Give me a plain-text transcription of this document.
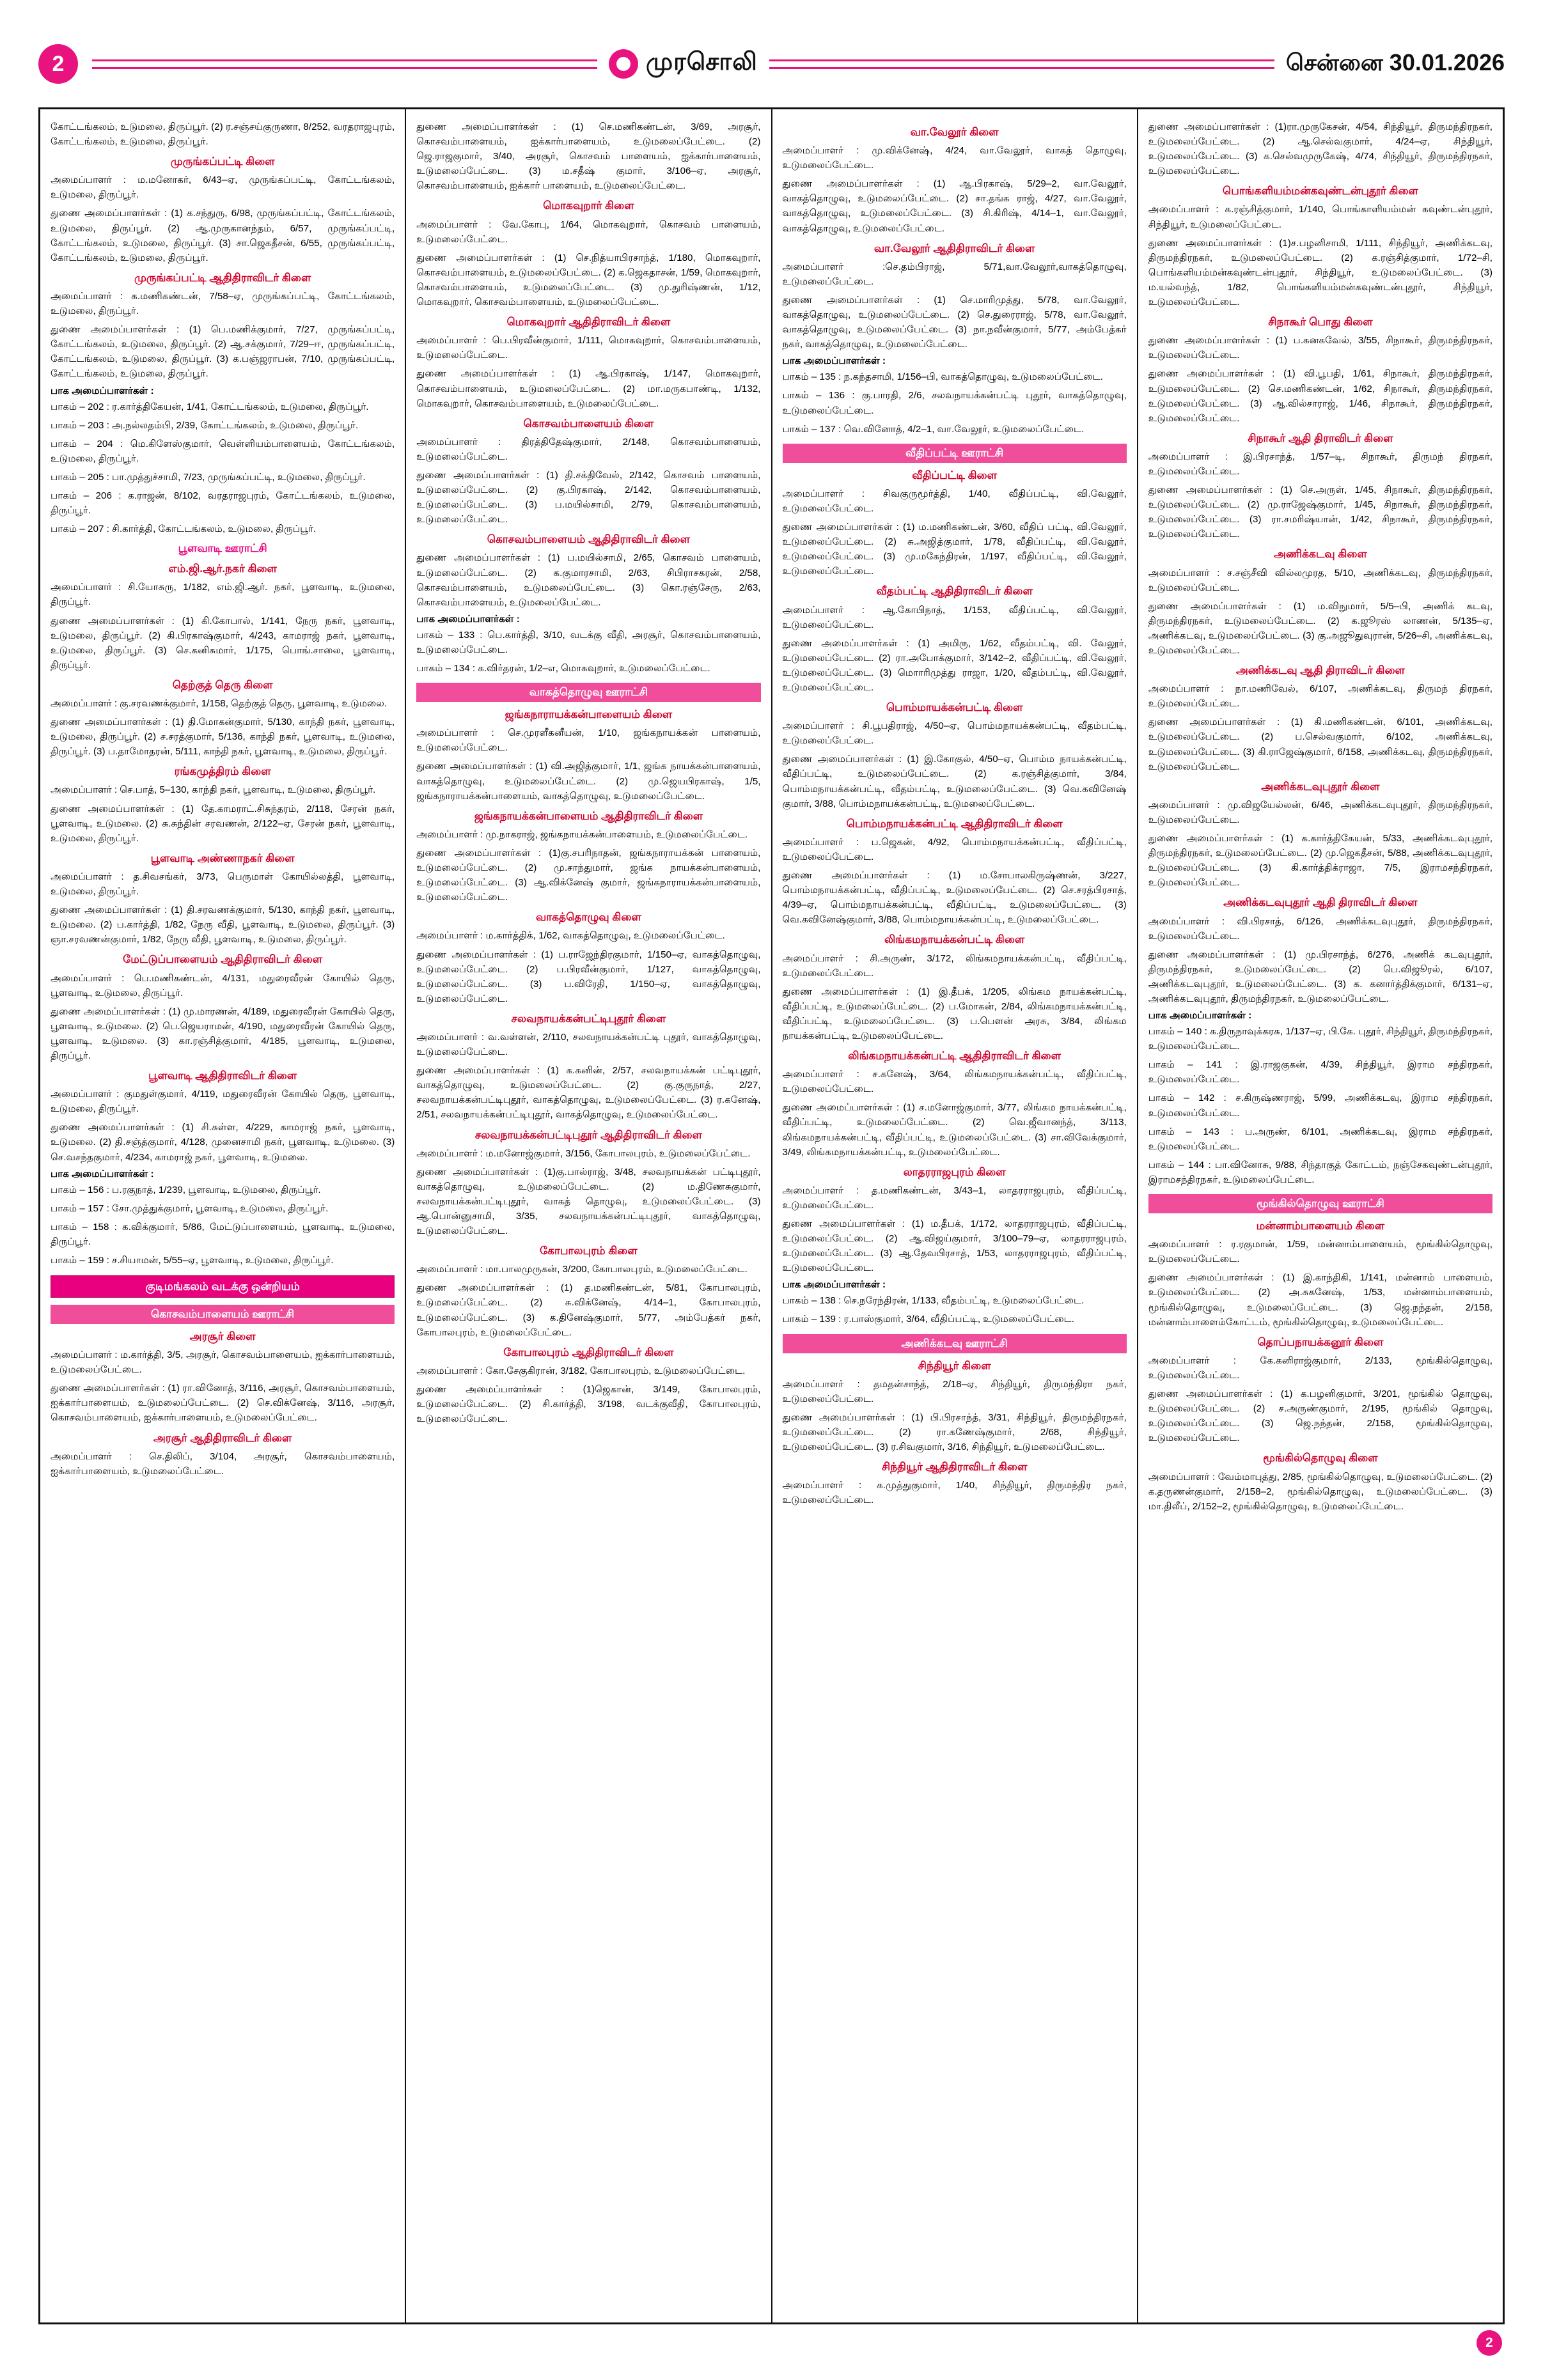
2	முரசொலி	சென்னை 30.01.2026
கோட்டங்கலம், உடுமலை, திருப்பூர். (2) ர.சஞ்சய்குருணா, 8/252, வரதராஜபுரம், கோட்டங்கலம், உடுமலை, திருப்பூர்.
முருங்கப்பட்டி கிளை
அமைப்பாளர் : ம.மனோகர், 6/43–ஏ, முருங்கப்பட்டி, கோட்டங்கலம், உடுமலை, திருப்பூர்.
துணை அமைப்பாளர்கள் : (1) க.சந்துரு, 6/98, முருங்கப்பட்டி, கோட்டங்கலம், உடுமலை, திருப்பூர். (2) ஆ.முருகானந்தம், 6/57, முருங்கப்பட்டி, கோட்டங்கலம், உடுமலை, திருப்பூர். (3) சா.ஜெகதீசன், 6/55, முருங்கப்பட்டி, கோட்டங்கலம், உடுமலை, திருப்பூர்.
முருங்கப்பட்டி ஆதிதிராவிடர் கிளை
அமைப்பாளர் : க.மணிகண்டன், 7/58–ஏ, முருங்கப்பட்டி, கோட்டங்கலம், உடுமலை, திருப்பூர்.
துணை அமைப்பாளர்கள் : (1) பெ.மணிக்குமார், 7/27, முருங்கப்பட்டி, கோட்டங்கலம், உடுமலை, திருப்பூர். (2) ஆ.சக்குமார், 7/29–ஈ, முருங்கப்பட்டி, கோட்டங்கலம், உடுமலை, திருப்பூர். (3) க.பஞ்ஜராபன், 7/10, முருங்கப்பட்டி, கோட்டங்கலம், உடுமலை, திருப்பூர்.
பாக அமைப்பாளர்கள் :
பாகம் – 202 : ர.கார்த்திகேயன், 1/41, கோட்டங்கலம், உடுமலை, திருப்பூர்.
பாகம் – 203 : அ.நல்லதம்பி, 2/39, கோட்டங்கலம், உடுமலை, திருப்பூர்.
பாகம் – 204 : மெ.கிளேஸ்குமார், வெள்ளியம்பாளையம், கோட்டங்கலம், உடுமலை, திருப்பூர்.
பாகம் – 205 : பா.முத்துச்சாமி, 7/23, முருங்கப்பட்டி, உடுமலை, திருப்பூர்.
பாகம் – 206 : க.ராஜன், 8/102, வரதராஜபுரம், கோட்டங்கலம், உடுமலை, திருப்பூர்.
பாகம் – 207 : சி.கார்த்தி, கோட்டங்கலம், உடுமலை, திருப்பூர்.
பூளவாடி ஊராட்சி
எம்.ஜி.ஆர்.நகர் கிளை
அமைப்பாளர் : சி.யோசுரு, 1/182, எம்.ஜி.ஆர். நகர், பூளவாடி, உடுமலை, திருப்பூர்.
துணை அமைப்பாளர்கள் : (1) கி.கோபால், 1/141, நேரு நகர், பூளவாடி, உடுமலை, திருப்பூர். (2) கி.பிரகாஷ்குமார், 4/243, காமராஜ் நகர், பூளவாடி, உடுமலை, திருப்பூர். (3) செ.கனிசுமார், 1/175, பொங்.சாலை, பூளவாடி, திருப்பூர்.
தெற்குத் தெரு கிளை
அமைப்பாளர் : கு.சரவணக்குமார், 1/158, தெற்குத் தெரு, பூளவாடி, உடுமலை.
துணை அமைப்பாளர்கள் : (1) தி.மோகன்குமார், 5/130, காந்தி நகர், பூளவாடி, உடுமலை, திருப்பூர். (2) ச.சரத்குமார், 5/136, காந்தி நகர், பூளவாடி, உடுமலை, திருப்பூர். (3) ப.தாமோதரன், 5/111, காந்தி நகர், பூளவாடி, உடுமலை, திருப்பூர்.
ரங்கமுத்திரம் கிளை
அமைப்பாளர் : செ.பாத், 5–130, காந்தி நகர், பூளவாடி, உடுமலை, திருப்பூர்.
துணை அமைப்பாளர்கள் : (1) தே.காமராட்.சிசுந்தரம், 2/118, சேரன் நகர், பூளவாடி, உடுமலை. (2) சு.சுந்தின் சரவணன், 2/122–ஏ, சேரன் நகர், பூளவாடி, உடுமலை, திருப்பூர்.
பூளவாடி அண்ணாநகர் கிளை
அமைப்பாளர் : த.சிவசங்கர், 3/73, பெருமாள் கோயில்லத்தி, பூளவாடி, உடுமலை, திருப்பூர்.
துணை அமைப்பாளர்கள் : (1) தி.சரவணக்குமார், 5/130, காந்தி நகர், பூளவாடி, உடுமலை. (2) ப.கார்த்தி, 1/82, நேரு வீதி, பூளவாடி, உடுமலை, திருப்பூர். (3) ஞா.சரவணன்குமார், 1/82, நேரு வீதி, பூளவாடி, உடுமலை, திருப்பூர்.
மேட்டுப்பாளையம் ஆதிதிராவிடர் கிளை
அமைப்பாளர் : பெ.மணிகண்டன், 4/131, மதுரைவீரன் கோயில் தெரு, பூளவாடி, உடுமலை, திருப்பூர்.
துணை அமைப்பாளர்கள் : (1) மு.மாரணன், 4/189, மதுரைவீரன் கோயில் தெரு, பூளவாடி, உடுமலை. (2) பெ.ஜெயராமன், 4/190, மதுரைவீரன் கோயில் தெரு, பூளவாடி, உடுமலை. (3) கா.ரஞ்சித்குமார், 4/185, பூளவாடி, உடுமலை, திருப்பூர்.
பூளவாடி ஆதிதிராவிடர் கிளை
அமைப்பாளர் : குமதுள்குமார், 4/119, மதுரைவீரன் கோயில் தெரு, பூளவாடி, உடுமலை, திருப்பூர்.
துணை அமைப்பாளர்கள் : (1) சி.சுள்ள, 4/229, காமராஜ் நகர், பூளவாடி, உடுமலை. (2) தி.சஞ்த்குமார், 4/128, முனைசாமி நகர், பூளவாடி, உடுமலை. (3) செ.வசந்தகுமார், 4/234, காமராஜ் நகர், பூளவாடி, உடுமலை.
பாக அமைப்பாளர்கள் :
பாகம் – 156 : ப.ரகுநாத், 1/239, பூளவாடி, உடுமலை, திருப்பூர்.
பாகம் – 157 : சோ.முத்துக்குமார், பூளவாடி, உடுமலை, திருப்பூர்.
பாகம் – 158 : க.விக்குமார், 5/86, மேட்டுப்பாளையம், பூளவாடி, உடுமலை, திருப்பூர்.
பாகம் – 159 : ச.சியாமன், 5/55–ஏ, பூளவாடி, உடுமலை, திருப்பூர்.
குடிமங்கலம் வடக்கு ஒன்றியம்
கொசவம்பாளையம் ஊராட்சி
அரசூர் கிளை
அமைப்பாளர் : ம.கார்த்தி, 3/5, அரசூர், கொசவம்பாளையம், ஐக்கார்பாளையம், உடுமலைப்பேட்டை.
துணை அமைப்பாளர்கள் : (1) ரா.வினோத், 3/116, அரசூர், கொசவம்பாளையம், ஐக்கார்பாளையம், உடுமலைப்பேட்டை. (2) செ.விக்னேஷ், 3/116, அரசூர், கொசவம்பாளையம், ஐக்கார்பாளையம், உடுமலைப்பேட்டை.
அரசூர் ஆதிதிராவிடர் கிளை
அமைப்பாளர் : செ.திலிப், 3/104, அரசூர், கொசவம்பாளையம், ஐக்கார்பாளையம், உடுமலைப்பேட்டை.
துணை அமைப்பாளர்கள் : (1) செ.மணிகண்டன், 3/69, அரசூர், கொசவம்பாளையம், ஐக்கார்பாளையம், உடுமலைப்பேட்டை. (2) ஜெ.ராஜகுமார், 3/40, அரசூர், கொசவம் பாளையம், ஐக்கார்பாளையம், உடுமலைப்பேட்டை. (3) ம.சதீஷ் குமார், 3/106–ஏ, அரசூர், கொசவம்பாளையம், ஐக்கார் பாளையம், உடுமலைப்பேட்டை.
மொகவுறார் கிளை
அமைப்பாளர் : வே.கோபு, 1/64, மொகவுறார், கொசவம் பாளையம், உடுமலைப்பேட்டை.
துணை அமைப்பாளர்கள் : (1) செ.நித்யாபிரசாந்த், 1/180, மொகவுறார், கொசவம்பாளையம், உடுமலைப்பேட்டை. (2) க.ஜெகதாசன், 1/59, மொகவுறார், கொசவம்பாளையம், உடுமலைப்பேட்டை. (3) மு.துரிஷ்ணன், 1/12, மொகவுறார், கொசவம்பாளையம், உடுமலைப்பேட்டை.
மொகவுறார் ஆதிதிராவிடர் கிளை
அமைப்பாளர் : பெ.பிரவீன்குமார், 1/111, மொகவுறார், கொசவம்பாளையம், உடுமலைப்பேட்டை.
துணை அமைப்பாளர்கள் : (1) ஆ.பிரகாஷ், 1/147, மொகவுறார், கொசவம்பாளையம், உடுமலைப்பேட்டை. (2) மா.மருகபாண்டி, 1/132, மொகவுறார், கொசவம்பாளையம், உடுமலைப்பேட்டை.
கொசவம்பாளையம் கிளை
அமைப்பாளர் : திரத்திதேஷ்குமார், 2/148, கொசவம்பாளையம், உடுமலைப்பேட்டை.
துணை அமைப்பாளர்கள் : (1) தி.சக்திவேல், 2/142, கொசவம் பாளையம், உடுமலைப்பேட்டை. (2) கு.பிரகாஷ், 2/142, கொசவம்பாளையம், உடுமலைப்பேட்டை. (3) ப.மயில்சாமி, 2/79, கொசவம்பாளையம், உடுமலைப்பேட்டை.
கொசவம்பாளையம் ஆதிதிராவிடர் கிளை
துணை அமைப்பாளர்கள் : (1) ப.மயில்சாமி, 2/65, கொசவம் பாளையம், உடுமலைப்பேட்டை. (2) க.குமாரசாமி, 2/63, சிபிராசகரன், 2/58, கொசவம்பாளையம், உடுமலைப்பேட்டை. (3) கொ.ரஞ்சேரு, 2/63, கொசவம்பாளையம், உடுமலைப்பேட்டை.
பாக அமைப்பாளர்கள் :
பாகம் – 133 : பெ.கார்த்தி, 3/10, வடக்கு வீதி, அரசூர், கொசவம்பாளையம், உடுமலைப்பேட்டை.
பாகம் – 134 : க.விர்தரன், 1/2–எ, மொகவுறார், உடுமலைப்பேட்டை.
வாகத்தொழுவு ஊராட்சி
ஜங்கநாராயக்கன்பாளையம் கிளை
அமைப்பாளர் : செ.முரளீகனீயன், 1/10, ஜங்கநாயக்கன் பாளையம், உடுமலைப்பேட்டை.
துணை அமைப்பாளர்கள் : (1) வி.அஜித்குமார், 1/1, ஜங்க நாயக்கன்பாளையம், வாகத்தொழுவு, உடுமலைப்பேட்டை. (2) மு.ஜெயபிரகாஷ், 1/5, ஜங்கநாராயக்கன்பாளையம், வாகத்தொழுவு, உடுமலைப்பேட்டை.
ஜங்கநாயக்கன்பாளையம் ஆதிதிராவிடர் கிளை
அமைப்பாளர் : மு.நாகராஜ், ஜங்கநாயக்கன்பாளையம், உடுமலைப்பேட்டை.
துணை அமைப்பாளர்கள் : (1)கு.சபரிநாதன், ஜங்கநாராயக்கன் பாளையம், உடுமலைப்பேட்டை. (2) மு.சாந்துமார், ஜங்க நாயக்கன்பாளையம், உடுமலைப்பேட்டை. (3) ஆ.விக்னேஷ் குமார், ஜங்கநாராயக்கன்பாளையம், உடுமலைப்பேட்டை.
வாகத்தொழுவு கிளை
அமைப்பாளர் : ம.கார்த்திக், 1/62, வாகத்தொழுவு, உடுமலைப்பேட்டை.
துணை அமைப்பாளர்கள் : (1) ப.ராஜேந்திரகுமார், 1/150–ஏ, வாகத்தொழுவு, உடுமலைப்பேட்டை. (2) ப.பிரவீன்குமார், 1/127, வாகத்தொழுவு, உடுமலைப்பேட்டை. (3) ப.விரேதி, 1/150–ஏ, வாகத்தொழுவு, உடுமலைப்பேட்டை.
சலவநாயக்கன்பட்டிபுதூர் கிளை
அமைப்பாளர் : வ.வள்ளன், 2/110, சலவநாயக்கன்பட்டி புதூர், வாகத்தொழுவு, உடுமலைப்பேட்டை.
துணை அமைப்பாளர்கள் : (1) க.கனின், 2/57, சலவநாயக்கன் பட்டிபுதூர், வாகத்தொழுவு, உடுமலைப்பேட்டை. (2) கு.குருநாத், 2/27, சலவநாயக்கன்பட்டிபுதூர், வாகத்தொழுவு, உடுமலைப்பேட்டை. (3) ர.கனேஷ், 2/51, சலவநாயக்கன்பட்டிபுதூர், வாகத்தொழுவு, உடுமலைப்பேட்டை.
சலவநாயக்கன்பட்டிபுதூர் ஆதிதிராவிடர் கிளை
அமைப்பாளர் : ம.மனோஜ்குமார், 3/156, கோபாலபுரம், உடுமலைப்பேட்டை.
துணை அமைப்பாளர்கள் : (1)கு.பால்ராஜ், 3/48, சலவநாயக்கன் பட்டிபுதூர், வாகத்தொழுவு, உடுமலைப்பேட்டை. (2) ம.திணேசுகுமார், சலவநாயக்கன்பட்டிபுதூர், வாகத் தொழுவு, உடுமலைப்பேட்டை. (3) ஆ.பொன்னுசாமி, 3/35, சலவநாயக்கன்பட்டிபுதூர், வாகத்தொழுவு, உடுமலைப்பேட்டை.
கோபாலபுரம் கிளை
அமைப்பாளர் : மா.பாலமுருகன், 3/200, கோபாலபுரம், உடுமலைப்பேட்டை.
துணை அமைப்பாளர்கள் : (1) த.மணிகண்டன், 5/81, கோபாலபுரம், உடுமலைப்பேட்டை. (2) சு.விக்னேஷ், 4/14–1, கோபாலபுரம், உடுமலைப்பேட்டை. (3) க.தினேஷ்குமார், 5/77, அம்பேத்கர் நகர், கோபாலபுரம், உடுமலைப்பேட்டை.
கோபாலபுரம் ஆதிதிராவிடர் கிளை
அமைப்பாளர் : கோ.சேகுகிரான், 3/182, கோபாலபுரம், உடுமலைப்பேட்டை.
துணை அமைப்பாளர்கள் : (1)ஜெகான், 3/149, கோபாலபுரம், உடுமலைப்பேட்டை. (2) சி.கார்த்தி, 3/198, வடக்குவீதி, கோபாலபுரம், உடுமலைப்பேட்டை.
வா.வேலூர் கிளை
அமைப்பாளர் : மு.விக்னேஷ், 4/24, வா.வேலூர், வாகத் தொழுவு, உடுமலைப்பேட்டை.
துணை அமைப்பாளர்கள் : (1) ஆ.பிரகாஷ், 5/29–2, வா.வேலூர், வாகத்தொழுவு, உடுமலைப்பேட்டை. (2) சா.தங்க ராஜ், 4/27, வா.வேலூர், வாகத்தொழுவு, உடுமலைப்பேட்டை. (3) சி.கிரிஷ், 4/14–1, வா.வேலூர், வாகத்தொழுவு, உடுமலைப்பேட்டை.
வா.வேலூர் ஆதிதிராவிடர் கிளை
அமைப்பாளர் :செ.தம்பிராஜ், 5/71,வா.வேலூர்,வாகத்தொழுவு, உடுமலைப்பேட்டை.
துணை அமைப்பாளர்கள் : (1) செ.மாரிமுத்து, 5/78, வா.வேலூர், வாகத்தொழுவு, உடுமலைப்பேட்டை. (2) செ.துரைராஜ், 5/78, வா.வேலூர், வாகத்தொழுவு, உடுமலைப்பேட்டை. (3) நா.நவீன்குமார், 5/77, அம்பேத்கர் நகர், வாகத்தொழுவு, உடுமலைப்பேட்டை.
பாக அமைப்பாளர்கள் :
பாகம் – 135 : ந.கந்தசாமி, 1/156–பி, வாகத்தொழுவு, உடுமலைப்பேட்டை.
பாகம் – 136 : கு.பாரதி, 2/6, சலவநாயக்கன்பட்டி புதூர், வாகத்தொழுவு, உடுமலைப்பேட்டை.
பாகம் – 137 : வெ.வினோத், 4/2–1, வா.வேலூர், உடுமலைப்பேட்டை.
வீதிப்பட்டி ஊராட்சி
வீதிப்பட்டி கிளை
அமைப்பாளர் : சிவகுருமூர்த்தி, 1/40, வீதிப்பட்டி, வி.வேலூர், உடுமலைப்பேட்டை.
துணை அமைப்பாளர்கள் : (1) ம.மணிகண்டன், 3/60, வீதிப் பட்டி, வி.வேலூர், உடுமலைப்பேட்டை. (2) சு.அஜித்குமார், 1/78, வீதிப்பட்டி, வி.வேலூர், உடுமலைப்பேட்டை. (3) மு.மகேந்திரன், 1/197, வீதிப்பட்டி, வி.வேலூர், உடுமலைப்பேட்டை.
வீதம்பட்டி ஆதிதிராவிடர் கிளை
அமைப்பாளர் : ஆ.கோபிநாத், 1/153, வீதிப்பட்டி, வி.வேலூர், உடுமலைப்பேட்டை.
துணை அமைப்பாளர்கள் : (1) அமிரு, 1/62, வீதம்பட்டி, வி. வேலூர், உடுமலைப்பேட்டை. (2) ரா.அபோக்குமார், 3/142–2, வீதிப்பட்டி, வி.வேலூர், உடுமலைப்பேட்டை. (3) மொாரிமுத்து ராஜா, 1/20, வீதம்பட்டி, வி.வேலூர், உடுமலைப்பேட்டை.
பொம்மாயக்கன்பட்டி கிளை
அமைப்பாளர் : சி.பூபதிராஜ், 4/50–ஏ, பொம்மநாயக்கன்பட்டி, வீதம்பட்டி, உடுமலைப்பேட்டை.
துணை அமைப்பாளர்கள் : (1) இ.கோகுல், 4/50–ஏ, பொம்ம நாயக்கன்பட்டி, வீதிப்பட்டி, உடுமலைப்பேட்டை. (2) க.ரஞ்சித்குமார், 3/84, பொம்மநாயக்கன்பட்டி, வீதம்பட்டி, உடுமலைப்பேட்டை. (3) வெ.கவினேஷ் குமார், 3/88, பொம்மநாயக்கன்பட்டி, உடுமலைப்பேட்டை.
பொம்மநாயக்கன்பட்டி ஆதிதிராவிடர் கிளை
அமைப்பாளர் : ப.ஜெகன், 4/92, பொம்மநாயக்கன்பட்டி, வீதிப்பட்டி, உடுமலைப்பேட்டை.
துணை அமைப்பாளர்கள் : (1) ம.சோபாலகிருஷ்ணன், 3/227, பொம்மநாயக்கன்பட்டி, வீதிப்பட்டி, உடுமலைப்பேட்டை. (2) செ.சரத்பிரசாத், 4/39–ஏ, பொம்மநாயக்கன்பட்டி, வீதிப்பட்டி, உடுமலைப்பேட்டை. (3) வெ.கவினேஷ்குமார், 3/88, பொம்மநாயக்கன்பட்டி, உடுமலைப்பேட்டை.
லிங்கமநாயக்கன்பட்டி கிளை
அமைப்பாளர் : சி.அருண், 3/172, லிங்கமநாயக்கன்பட்டி, வீதிப்பட்டி, உடுமலைப்பேட்டை.
துணை அமைப்பாளர்கள் : (1) இ.தீபக், 1/205, லிங்கம நாயக்கன்பட்டி, வீதிப்பட்டி, உடுமலைப்பேட்டை. (2) ப.மோகன், 2/84, லிங்கமநாயக்கன்பட்டி, வீதிப்பட்டி, உடுமலைப்பேட்டை. (3) ப.பௌன் அரசு, 3/84, லிங்கம நாயக்கன்பட்டி, உடுமலைப்பேட்டை.
லிங்கமநாயக்கன்பட்டி ஆதிதிராவிடர் கிளை
அமைப்பாளர் : ச.கனேஷ், 3/64, லிங்கமநாயக்கன்பட்டி, வீதிப்பட்டி, உடுமலைப்பேட்டை.
துணை அமைப்பாளர்கள் : (1) ச.மனோஜ்குமார், 3/77, லிங்கம நாயக்கன்பட்டி, வீதிப்பட்டி, உடுமலைப்பேட்டை. (2) வெ.ஜீவானந்த், 3/113, லிங்கமநாயக்கன்பட்டி, வீதிப்பட்டி, உடுமலைப்பேட்டை. (3) சா.விவேக்குமார், 3/49, லிங்கமநாயக்கன்பட்டி, உடுமலைப்பேட்டை.
லாதரராஜபுரம் கிளை
அமைப்பாளர் : த.மணிகண்டன், 3/43–1, லாதரராஜபுரம், வீதிப்பட்டி, உடுமலைப்பேட்டை.
துணை அமைப்பாளர்கள் : (1) ம.தீபக், 1/172, லாதரராஜபுரம், வீதிப்பட்டி, உடுமலைப்பேட்டை. (2) ஆ.விஜய்குமார், 3/100–79–ஏ, லாதரராஜபுரம், உடுமலைப்பேட்டை. (3) ஆ.தேவபிரசாத், 1/53, லாதரராஜபுரம், வீதிப்பட்டி, உடுமலைப்பேட்டை.
பாக அமைப்பாளர்கள் :
பாகம் – 138 : செ.நரேந்திரன், 1/133, வீதம்பட்டி, உடுமலைப்பேட்டை.
பாகம் – 139 : ர.பாஸ்குமார், 3/64, வீதிப்பட்டி, உடுமலைப்பேட்டை.
அணிக்கடவு ஊராட்சி
சிந்தியூர் கிளை
அமைப்பாளர் : தமதன்சாந்த், 2/18–ஏ, சிந்தியூர், திருமந்திரா நகர், உடுமலைப்பேட்டை.
துணை அமைப்பாளர்கள் : (1) பி.பிரசாந்த், 3/31, சிந்தியூர், திருமந்திரநகர், உடுமலைப்பேட்டை. (2) ரா.கணேஷ்குமார், 2/68, சிந்தியூர், உடுமலைப்பேட்டை. (3) ர.சிவகுமார், 3/16, சிந்தியூர், உடுமலைப்பேட்டை.
சிந்தியூர் ஆதிதிராவிடர் கிளை
அமைப்பாளர் : க.முத்துகுமார், 1/40, சிந்தியூர், திருமந்திர நகர், உடுமலைப்பேட்டை.
துணை அமைப்பாளர்கள் : (1)ரா.முருகேசன், 4/54, சிந்தியூர், திருமந்திரநகர், உடுமலைப்பேட்டை. (2) ஆ.செல்வகுமார், 4/24–ஏ, சிந்தியூர், உடுமலைப்பேட்டை. (3) க.செல்வமுருகேஷ், 4/74, சிந்தியூர், திருமந்திரநகர், உடுமலைப்பேட்டை.
பொங்களியம்மன்கவுண்டன்புதூர் கிளை
அமைப்பாளர் : க.ரஞ்சித்குமார், 1/140, பொங்காளியம்மன் கவுண்டன்புதூர், சிந்தியூர், உடுமலைப்பேட்டை.
துணை அமைப்பாளர்கள் : (1)ச.பழனிசாமி, 1/111, சிந்தியூர், அணிக்கடவு, திருமந்திரநகர், உடுமலைப்பேட்டை. (2) க.ரஞ்சித்குமார், 1/72–சி, பொங்களியம்மன்கவுண்டன்புதூர், சிந்தியூர், உடுமலைப்பேட்டை. (3) ம.யல்வந்த், 1/82, பொங்களியம்மன்கவுண்டன்புதூர், சிந்தியூர், உடுமலைப்பேட்டை.
சிநாகூர் பொது கிளை
துணை அமைப்பாளர்கள் : (1) ப.கனகவேல், 3/55, சிநாகூர், திருமந்திரநகர், உடுமலைப்பேட்டை.
துணை அமைப்பாளர்கள் : (1) வி.பூபதி, 1/61, சிநாகூர், திருமந்திரநகர், உடுமலைப்பேட்டை. (2) செ.மணிகண்டன், 1/62, சிநாகூர், திருமந்திரநகர், உடுமலைப்பேட்டை. (3) ஆ.வில்சாராஜ், 1/46, சிநாகூர், திருமந்திரநகர், உடுமலைப்பேட்டை.
சிநாகூர் ஆதி திராவிடர் கிளை
அமைப்பாளர் : இ.பிரசாந்த், 1/57–டி, சிநாகூர், திருமந் திரநகர், உடுமலைப்பேட்டை.
துணை அமைப்பாளர்கள் : (1) செ.அருள், 1/45, சிநாகூர், திருமந்திரநகர், உடுமலைப்பேட்டை. (2) மு.ராஜேஷ்குமார், 1/45, சிநாகூர், திருமந்திரநகர், உடுமலைப்பேட்டை. (3) ரா.சமரிஷ்யான், 1/42, சிநாகூர், திருமந்திரநகர், உடுமலைப்பேட்டை.
அணிக்கடவு கிளை
அமைப்பாளர் : ச.சஞ்சீவி வில்லமுரத, 5/10, அணிக்கடவு, திருமந்திரநகர், உடுமலைப்பேட்டை.
துணை அமைப்பாளர்கள் : (1) ம.விநுமார், 5/5–பி, அணிக் கடவு, திருமந்திரநகர், உடுமலைப்பேட்டை. (2) க.ஜூரஸ் லாணன், 5/135–ஏ, அணிக்கடவு, உடுமலைப்பேட்டை. (3) கு.அஜூதுவுரான், 5/26–சி, அணிக்கடவு, உடுமலைப்பேட்டை.
அணிக்கடவு ஆதி திராவிடர் கிளை
அமைப்பாளர் : நா.மணிவேல், 6/107, அணிக்கடவு, திருமந் திரநகர், உடுமலைப்பேட்டை.
துணை அமைப்பாளர்கள் : (1) கி.மணிகண்டன், 6/101, அணிக்கடவு, உடுமலைப்பேட்டை. (2) ப.செல்வகுமார், 6/102, அணிக்கடவு, உடுமலைப்பேட்டை. (3) கி.ராஜேஷ்குமார், 6/158, அணிக்கடவு, திருமந்திரநகர், உடுமலைப்பேட்டை.
அணிக்கடவுபுதூர் கிளை
அமைப்பாளர் : மு.விஜயேல்லன், 6/46, அணிக்கடவுபுதூர், திருமந்திரநகர், உடுமலைப்பேட்டை.
துணை அமைப்பாளர்கள் : (1) க.கார்த்திகேயன், 5/33, அணிக்கடவுபுதூர், திருமந்திரநகர், உடுமலைப்பேட்டை. (2) மு.ஜெகதீசன், 5/88, அணிக்கடவுபுதூர், உடுமலைப்பேட்டை. (3) கி.கார்த்திக்ராஜா, 7/5, இராமசந்திரநகர், உடுமலைப்பேட்டை.
அணிக்கடவுபுதூர் ஆதி திராவிடர் கிளை
அமைப்பாளர் : வி.பிரசாத், 6/126, அணிக்கடவுபுதூர், திருமந்திரநகர், உடுமலைப்பேட்டை.
துணை அமைப்பாளர்கள் : (1) மு.பிரசாந்த், 6/276, அணிக் கடவுபுதூர், திருமந்திரநகர், உடுமலைப்பேட்டை. (2) பெ.விஜூரல், 6/107, அணிக்கடவுபுதூர், உடுமலைப்பேட்டை. (3) க. கனார்த்திக்குமார், 6/131–ஏ, அணிக்கடவுபுதூர், திருமந்திரநகர், உடுமலைப்பேட்டை.
பாக அமைப்பாளர்கள் :
பாகம் – 140 : க.திருநாவுக்கரசு, 1/137–ஏ, பி.கே. புதூர், சிந்தியூர், திருமந்திரநகர், உடுமலைப்பேட்டை.
பாகம் – 141 : இ.ராஜகுகன், 4/39, சிந்தியூர், இராம சந்திரநகர், உடுமலைப்பேட்டை.
பாகம் – 142 : ச.கிருஷ்ணராஜ், 5/99, அணிக்கடவு, இராம சந்திரநகர், உடுமலைப்பேட்டை.
பாகம் – 143 : ப.அருண், 6/101, அணிக்கடவு, இராம சந்திரநகர், உடுமலைப்பேட்டை.
பாகம் – 144 : பா.வினோசு, 9/88, சிந்தாகுத் கோட்டம், நஞ்சேகவுண்டன்புதூர், இராமசந்திரநகர், உடுமலைப்பேட்டை.
மூங்கில்தொழுவு ஊராட்சி
மன்னாம்பாளையம் கிளை
அமைப்பாளர் : ர.ரகுமான், 1/59, மன்னாம்பாளையம், மூங்கில்தொழுவு, உடுமலைப்பேட்டை.
துணை அமைப்பாளர்கள் : (1) இ.காந்திகி, 1/141, மன்னாம் பாளையம், உடுமலைப்பேட்டை. (2) அ.சுகனேஷ், 1/53, மன்னாம்பாளையம், மூங்கில்தொழுவு, உடுமலைப்பேட்டை. (3) ஜெ.நந்தன், 2/158, மன்னாம்பாளைம்கோட்டம், மூங்கில்தொழுவு, உடுமலைப்பேட்டை.
தொப்பநாயக்கனூர் கிளை
அமைப்பாளர் : கே.கனிராஜ்குமார், 2/133, மூங்கில்தொழுவு, உடுமலைப்பேட்டை.
துணை அமைப்பாளர்கள் : (1) க.பழனிகுமார், 3/201, மூங்கில் தொழுவு, உடுமலைப்பேட்டை. (2) ச.அருண்குமார், 2/195, மூங்கில் தொழுவு, உடுமலைப்பேட்டை. (3) ஜெ.நந்தன், 2/158, மூங்கில்தொழுவு, உடுமலைப்பேட்டை.
மூங்கில்தொழுவு கிளை
அமைப்பாளர் : வேம்மாபுத்து, 2/85, மூங்கில்தொழுவு, உடுமலைப்பேட்டை. (2) க.தருணன்குமார், 2/158–2, மூங்கில்தொழுவு, உடுமலைப்பேட்டை. (3) மா.திலீப், 2/152–2, மூங்கில்தொழுவு, உடுமலைப்பேட்டை.
2
